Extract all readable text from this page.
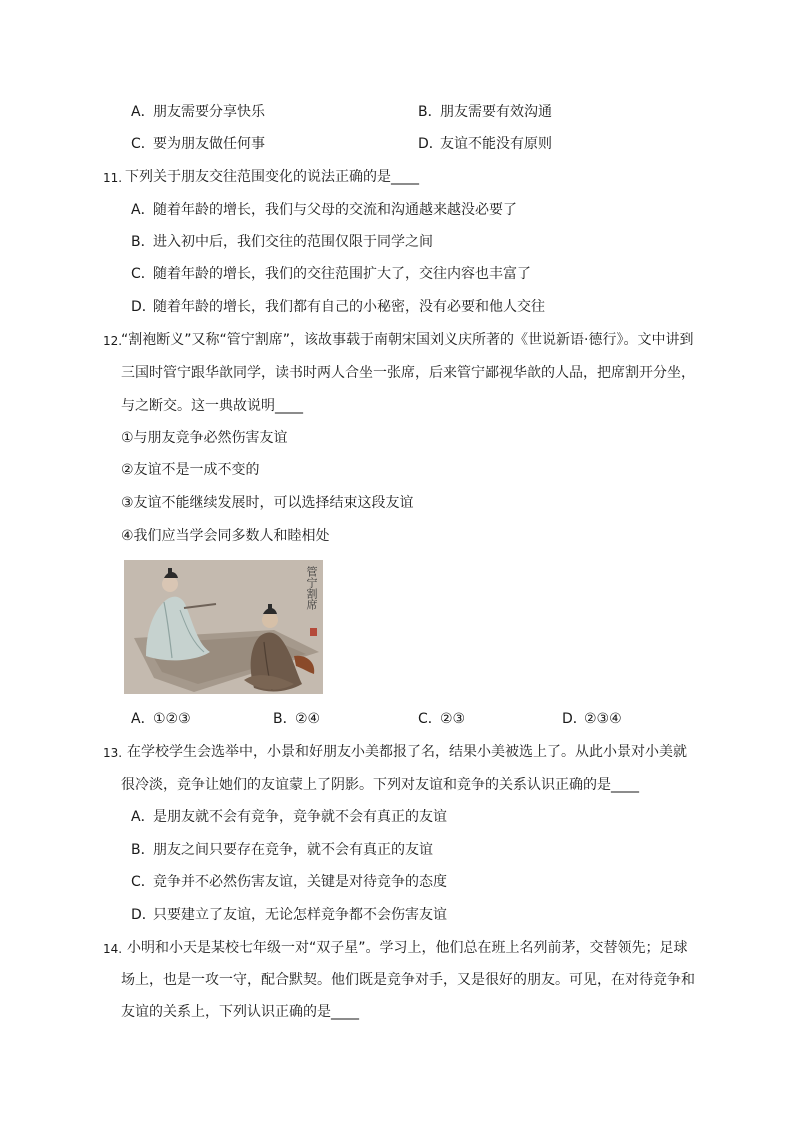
A．朋友需要分享快乐	B．朋友需要有效沟通
C．要为朋友做任何事	D．友谊不能没有原则
11. 下列关于朋友交往范围变化的说法正确的是____
A．随着年龄的增长，我们与父母的交流和沟通越来越没必要了
B．进入初中后，我们交往的范围仅限于同学之间
C．随着年龄的增长，我们的交往范围扩大了，交往内容也丰富了
D．随着年龄的增长，我们都有自己的小秘密，没有必要和他人交往
12.
“割袍断义”又称“管宁割席”，该故事载于南朝宋国刘义庆所著的《世说新语·德行》。文中讲到
三国时管宁跟华歆同学，读书时两人合坐一张席，后来管宁鄙视华歆的人品，把席割开分坐，
与之断交。这一典故说明____
①与朋友竞争必然伤害友谊
②友谊不是一成不变的
③友谊不能继续发展时，可以选择结束这段友谊
④我们应当学会同多数人和睦相处
管宁割席
A．①②③	B．②④	C．②③	D．②③④
13. 在学校学生会选举中，小景和好朋友小美都报了名，结果小美被选上了。从此小景对小美就
很冷淡，竞争让她们的友谊蒙上了阴影。下列对友谊和竞争的关系认识正确的是____
A．是朋友就不会有竞争，竞争就不会有真正的友谊
B．朋友之间只要存在竞争，就不会有真正的友谊
C．竞争并不必然伤害友谊，关键是对待竞争的态度
D．只要建立了友谊，无论怎样竞争都不会伤害友谊
14. 小明和小天是某校七年级一对“双子星”。学习上，他们总在班上名列前茅，交替领先；足球
场上，也是一攻一守，配合默契。他们既是竞争对手，又是很好的朋友。可见，在对待竞争和
友谊的关系上，下列认识正确的是____
